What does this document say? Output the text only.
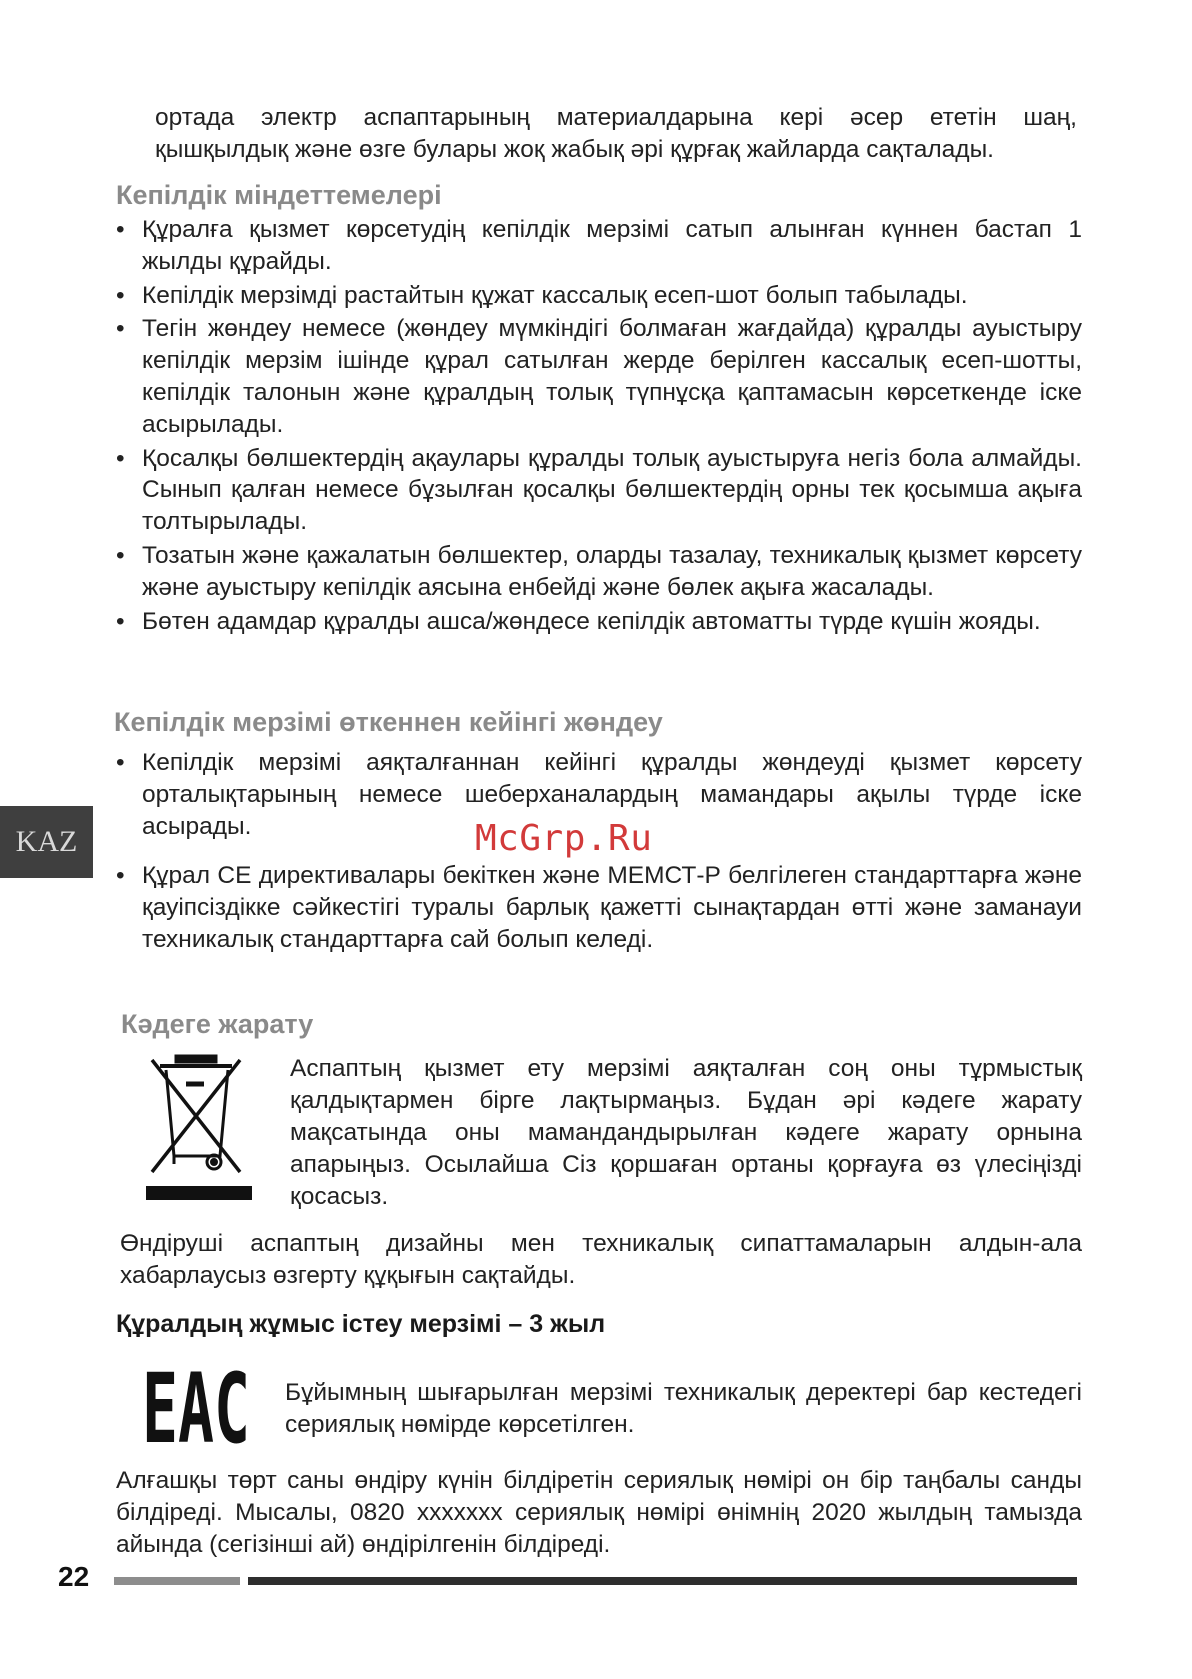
ортада электр аспаптарының материалдарына кері әсер ететін шаң, қышқылдық және өзге булары жоқ жабық әрі құрғақ жайларда сақталады.

Кепілдік міндеттемелері
• Құралға қызмет көрсетудің кепілдік мерзімі сатып алынған күннен бастап 1 жылды құрайды.
• Кепілдік мерзімді растайтын құжат кассалық есеп-шот болып табылады.
• Тегін жөндеу немесе (жөндеу мүмкіндігі болмаған жағдайда) құралды ауыстыру кепілдік мерзім ішінде құрал сатылған жерде берілген кассалық есеп-шотты, кепілдік талонын және құралдың толық түпнұсқа қаптамасын көрсеткенде іске асырылады.
• Қосалқы бөлшектердің ақаулары құралды толық ауыстыруға негіз бола алмайды. Сынып қалған немесе бұзылған қосалқы бөлшектердің орны тек қосымша ақыға толтырылады.
• Тозатын және қажалатын бөлшектер, оларды тазалау, техникалық қызмет көрсету және ауыстыру кепілдік аясына енбейді және бөлек ақыға жасалады.
• Бөтен адамдар құралды ашса/жөндесе кепілдік автоматты түрде күшін жояды.
Кепілдік мерзімі өткеннен кейінгі жөндеу
• Кепілдік мерзімі аяқталғаннан кейінгі құралды жөндеуді қызмет көрсету орталықтарының немесе шеберханалардың мамандары ақылы түрде іске асырады.
• Құрал CE директивалары бекіткен және МЕМСТ-Р белгілеген стандарттарға және қауіпсіздікке сәйкестігі туралы барлық қажетті сынақтардан өтті және заманауи техникалық стандарттарға сай болып келеді.
KAZ	McGrp.Ru
Кәдеге жарату

Аспаптың қызмет ету мерзімі аяқталған соң оны тұрмыстық қалдықтармен бірге лақтырмаңыз. Бұдан әрі кәдеге жарату мақсатында оны мамандандырылған кәдеге жарату орнына апарыңыз. Осылайша Сіз қоршаған ортаны қорғауға өз үлесіңізді қосасыз.

Өндіруші аспаптың дизайны мен техникалық сипаттамаларын алдын-ала хабарлаусыз өзгерту құқығын сақтайды.

Құралдың жұмыс істеу мерзімі – 3 жыл

EAC Бұйымның шығарылған мерзімі техникалық деректері бар кестедегі сериялық нөмірде көрсетілген.

Алғашқы төрт саны өндіру күнін білдіретін сериялық нөмірі он бір таңбалы санды білдіреді. Мысалы, 0820 xxxxxxx сериялық нөмірі өнімнің 2020 жылдың тамызда айында (сегізінші ай) өндірілгенін білдіреді.

22
